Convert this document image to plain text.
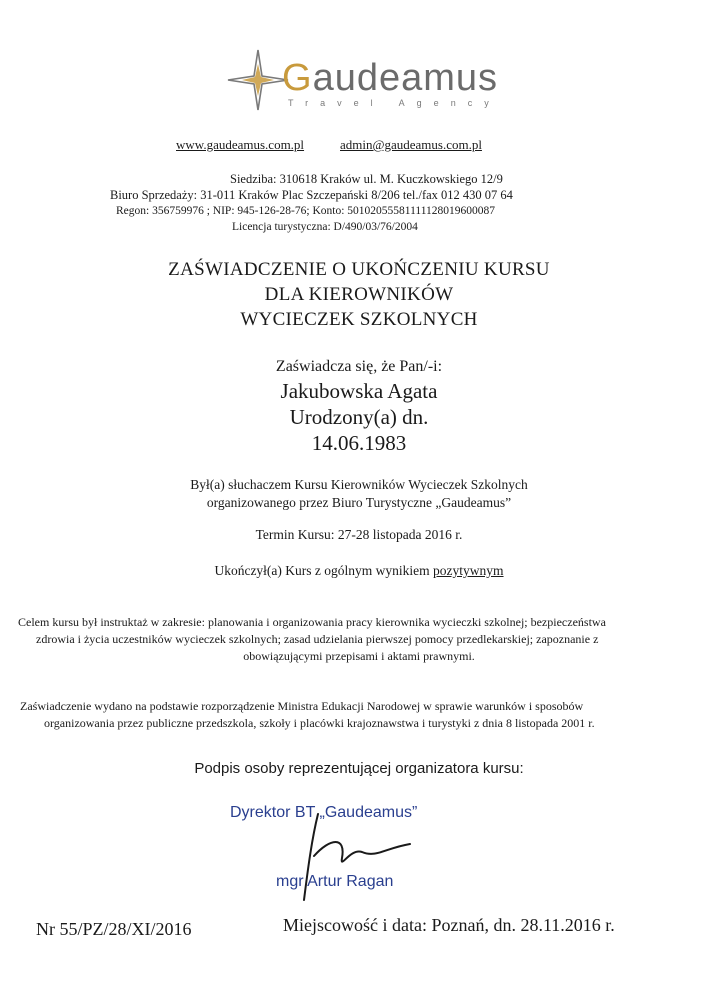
Gaudeamus
Travel Agency
www.gaudeamus.com.pl	admin@gaudeamus.com.pl
Siedziba: 310618 Kraków ul. M. Kuczkowskiego 12/9
Biuro Sprzedaży: 31-011 Kraków Plac Szczepański 8/206 tel./fax 012 430 07 64
Regon: 356759976 ; NIP: 945-126-28-76; Konto: 50102055581111128019600087
Licencja turystyczna: D/490/03/76/2004
ZAŚWIADCZENIE O UKOŃCZENIU KURSU
DLA KIEROWNIKÓW
WYCIECZEK SZKOLNYCH
Zaświadcza się, że Pan/-i:
Jakubowska Agata
Urodzony(a) dn.
14.06.1983
Był(a) słuchaczem Kursu Kierowników Wycieczek Szkolnych
organizowanego przez Biuro Turystyczne „Gaudeamus”
Termin Kursu: 27-28 listopada 2016 r.
Ukończył(a) Kurs z ogólnym wynikiem pozytywnym
Celem kursu był instruktaż w zakresie: planowania i organizowania pracy kierownika wycieczki szkolnej; bezpieczeństwa
zdrowia i życia uczestników wycieczek szkolnych; zasad udzielania pierwszej pomocy przedlekarskiej; zapoznanie z
obowiązującymi przepisami i aktami prawnymi.
Zaświadczenie wydano na podstawie rozporządzenie Ministra Edukacji Narodowej w sprawie warunków i sposobów
organizowania przez publiczne przedszkola, szkoły i placówki krajoznawstwa i turystyki z dnia 8 listopada 2001 r.
Podpis osoby reprezentującej organizatora kursu:
Dyrektor BT „Gaudeamus”
mgr Artur Ragan
Nr 55/PZ/28/XI/2016	Miejscowość i data: Poznań, dn. 28.11.2016 r.
